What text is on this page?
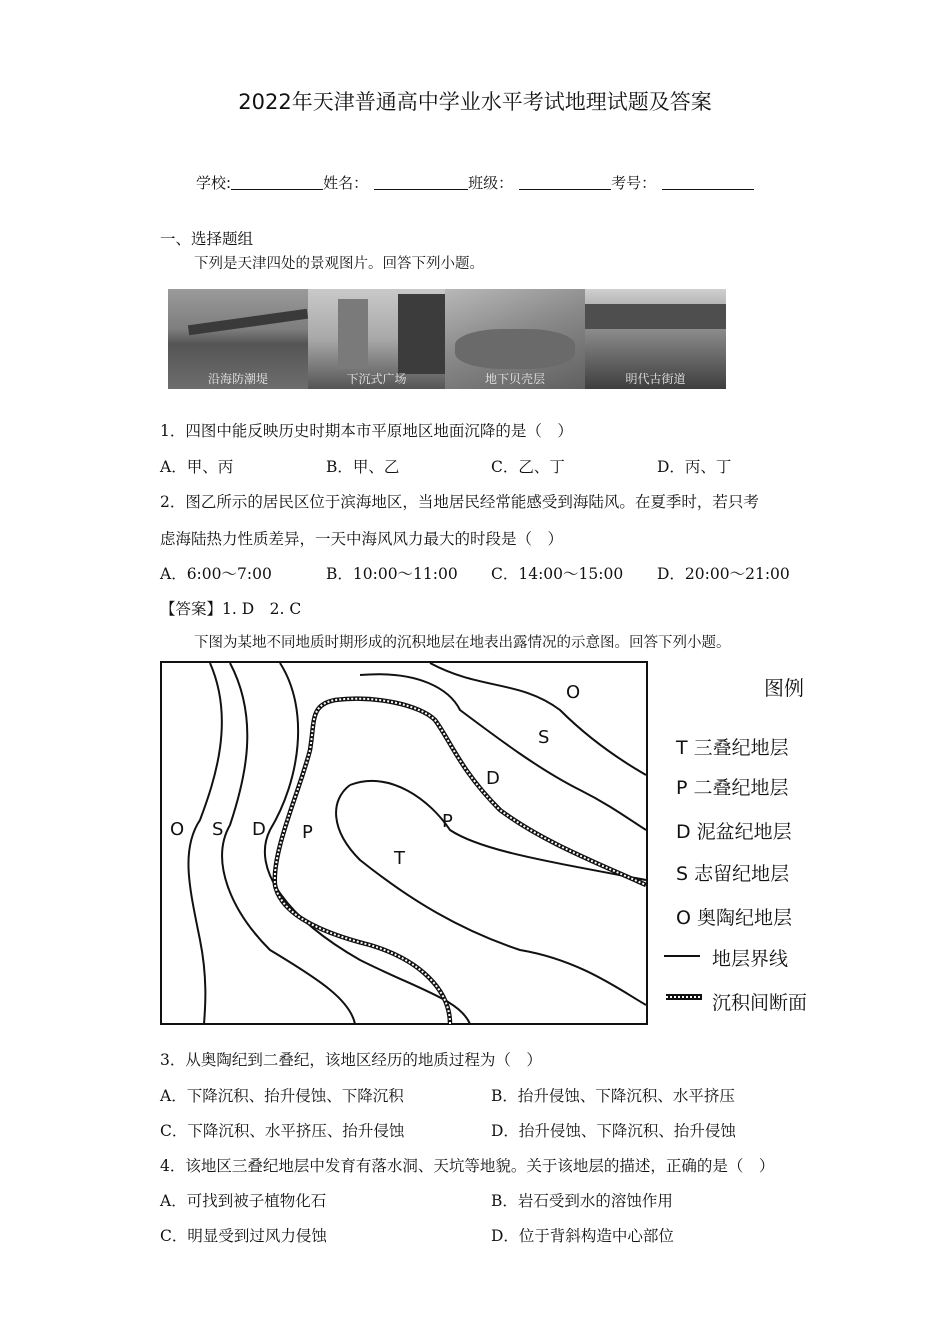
2022年天津普通高中学业水平考试地理试题及答案
学校:	姓名：	班级：	考号：
一、选择题组
下列是天津四处的景观图片。回答下列小题。
沿海防潮堤	下沉式广场	地下贝壳层	明代古街道
1．四图中能反映历史时期本市平原地区地面沉降的是（　）
A．甲、丙	B．甲、乙	C．乙、丁	D．丙、丁
2．图乙所示的居民区位于滨海地区，当地居民经常能感受到海陆风。在夏季时，若只考
虑海陆热力性质差异，一天中海风风力最大的时段是（　）
A．6:00～7:00	B．10:00～11:00 C．14:00～15:00 D．20:00～21:00
【答案】1. D　2. C
下图为某地不同地质时期形成的沉积地层在地表出露情况的示意图。回答下列小题。
O S D P
T
P
D
S
O	图例
T 三叠纪地层
P 二叠纪地层
D 泥盆纪地层
S 志留纪地层
O 奥陶纪地层
地层界线
沉积间断面
3．从奥陶纪到二叠纪，该地区经历的地质过程为（　）
A．下降沉积、抬升侵蚀、下降沉积	B．抬升侵蚀、下降沉积、水平挤压
C．下降沉积、水平挤压、抬升侵蚀	D．抬升侵蚀、下降沉积、抬升侵蚀
4．该地区三叠纪地层中发育有落水洞、天坑等地貌。关于该地层的描述，正确的是（　）
A．可找到被子植物化石	B．岩石受到水的溶蚀作用
C．明显受到过风力侵蚀	D．位于背斜构造中心部位
